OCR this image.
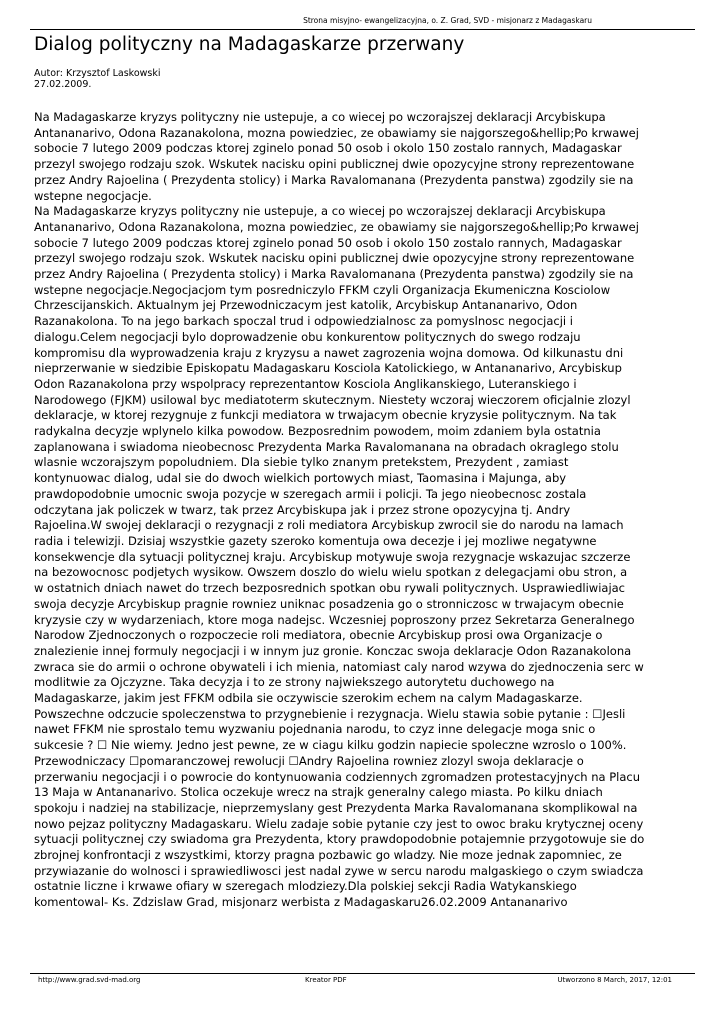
Strona misyjno- ewangelizacyjna, o. Z. Grad, SVD - misjonarz z Madagaskaru
Dialog polityczny na Madagaskarze przerwany
Autor: Krzysztof Laskowski
27.02.2009.

Na Madagaskarze kryzys polityczny nie ustepuje, a co wiecej po wczorajszej deklaracji Arcybiskupa

Antananarivo, Odona Razanakolona, mozna powiedziec, ze obawiamy sie najgorszego&hellip;Po krwawej

sobocie 7 lutego 2009 podczas ktorej zginelo ponad 50 osob i okolo 150 zostalo rannych, Madagaskar

przezyl swojego rodzaju szok. Wskutek nacisku opini publicznej dwie opozycyjne strony reprezentowane

przez Andry Rajoelina ( Prezydenta stolicy) i Marka Ravalomanana (Prezydenta panstwa) zgodzily sie na

wstepne negocjacje.

Na Madagaskarze kryzys polityczny nie ustepuje, a co wiecej po wczorajszej deklaracji Arcybiskupa

Antananarivo, Odona Razanakolona, mozna powiedziec, ze obawiamy sie najgorszego&hellip;Po krwawej

sobocie 7 lutego 2009 podczas ktorej zginelo ponad 50 osob i okolo 150 zostalo rannych, Madagaskar

przezyl swojego rodzaju szok. Wskutek nacisku opini publicznej dwie opozycyjne strony reprezentowane

przez Andry Rajoelina ( Prezydenta stolicy) i Marka Ravalomanana (Prezydenta panstwa) zgodzily sie na

wstepne negocjacje.Negocjacjom tym posredniczylo FFKM czyli Organizacja Ekumeniczna Kosciolow

Chrzescijanskich. Aktualnym jej Przewodniczacym jest katolik, Arcybiskup Antananarivo, Odon

Razanakolona. To na jego barkach spoczal trud i odpowiedzialnosc za pomyslnosc negocjacji i

dialogu.Celem negocjacji bylo doprowadzenie obu konkurentow politycznych do swego rodzaju

kompromisu dla wyprowadzenia kraju z kryzysu a nawet zagrozenia wojna domowa. Od kilkunastu dni

nieprzerwanie w siedzibie Episkopatu Madagaskaru Kosciola Katolickiego, w Antananarivo, Arcybiskup

Odon Razanakolona przy wspolpracy reprezentantow Kosciola Anglikanskiego, Luteranskiego i

Narodowego (FJKM) usilowal byc mediatoterm skutecznym. Niestety wczoraj wieczorem oficjalnie zlozyl

deklaracje, w ktorej rezygnuje z funkcji mediatora w trwajacym obecnie kryzysie politycznym. Na tak

radykalna decyzje wplynelo kilka powodow. Bezposrednim powodem, moim zdaniem byla ostatnia

zaplanowana i swiadoma nieobecnosc Prezydenta Marka Ravalomanana na obradach okraglego stolu

wlasnie wczorajszym popoludniem. Dla siebie tylko znanym pretekstem, Prezydent , zamiast

kontynuowac dialog, udal sie do dwoch wielkich portowych miast, Taomasina i Majunga, aby

prawdopodobnie umocnic swoja pozycje w szeregach armii i policji. Ta jego nieobecnosc zostala

odczytana jak policzek w twarz, tak przez Arcybiskupa jak i przez strone opozycyjna tj. Andry

Rajoelina.W swojej deklaracji o rezygnacji z roli mediatora Arcybiskup zwrocil sie do narodu na lamach

radia i telewizji. Dzisiaj wszystkie gazety szeroko komentuja owa decezje i jej mozliwe negatywne

konsekwencje dla sytuacji politycznej kraju. Arcybiskup motywuje swoja rezygnacje wskazujac szczerze

na bezowocnosc podjetych wysikow. Owszem doszlo do wielu wielu spotkan z delegacjami obu stron, a

w ostatnich dniach nawet do trzech bezposrednich spotkan obu rywali politycznych. Usprawiedliwiajac

swoja decyzje Arcybiskup pragnie rowniez uniknac posadzenia go o stronniczosc w trwajacym obecnie

kryzysie czy w wydarzeniach, ktore moga nadejsc. Wczesniej poproszony przez Sekretarza Generalnego

Narodow Zjednoczonych o rozpoczecie roli mediatora, obecnie Arcybiskup prosi owa Organizacje o

znalezienie innej formuly negocjacji i w innym juz gronie. Konczac swoja deklaracje Odon Razanakolona

zwraca sie do armii o ochrone obywateli i ich mienia, natomiast caly narod wzywa do zjednoczenia serc w

modlitwie za Ojczyzne. Taka decyzja i to ze strony najwiekszego autorytetu duchowego na

Madagaskarze, jakim jest FFKM odbila sie oczywiscie szerokim echem na calym Madagaskarze.

Powszechne odczucie spoleczenstwa to przygnebienie i rezygnacja. Wielu stawia sobie pytanie : ☐Jesli

nawet FFKM nie sprostalo temu wyzwaniu pojednania narodu, to czyz inne delegacje moga snic o

sukcesie ? ☐ Nie wiemy. Jedno jest pewne, ze w ciagu kilku godzin napiecie spoleczne wzroslo o 100%.

Przewodniczacy ☐pomaranczowej rewolucji ☐Andry Rajoelina rowniez zlozyl swoja deklaracje o

przerwaniu negocjacji i o powrocie do kontynuowania codziennych zgromadzen protestacyjnych na Placu

13 Maja w Antananarivo. Stolica oczekuje wrecz na strajk generalny calego miasta. Po kilku dniach

spokoju i nadziej na stabilizacje, nieprzemyslany gest Prezydenta Marka Ravalomanana skomplikowal na

nowo pejzaz polityczny Madagaskaru. Wielu zadaje sobie pytanie czy jest to owoc braku krytycznej oceny

sytuacji politycznej czy swiadoma gra Prezydenta, ktory prawdopodobnie potajemnie przygotowuje sie do

zbrojnej konfrontacji z wszystkimi, ktorzy pragna pozbawic go wladzy. Nie moze jednak zapomniec, ze

przywiazanie do wolnosci i sprawiedliwosci jest nadal zywe w sercu narodu malgaskiego o czym swiadcza

ostatnie liczne i krwawe ofiary w szeregach mlodziezy.Dla polskiej sekcji Radia Watykanskiego

komentowal- Ks. Zdzislaw Grad, misjonarz werbista z Madagaskaru26.02.2009 Antananarivo

http://www.grad.svd-mad.org	Kreator PDF	Utworzono 8 March, 2017, 12:01
